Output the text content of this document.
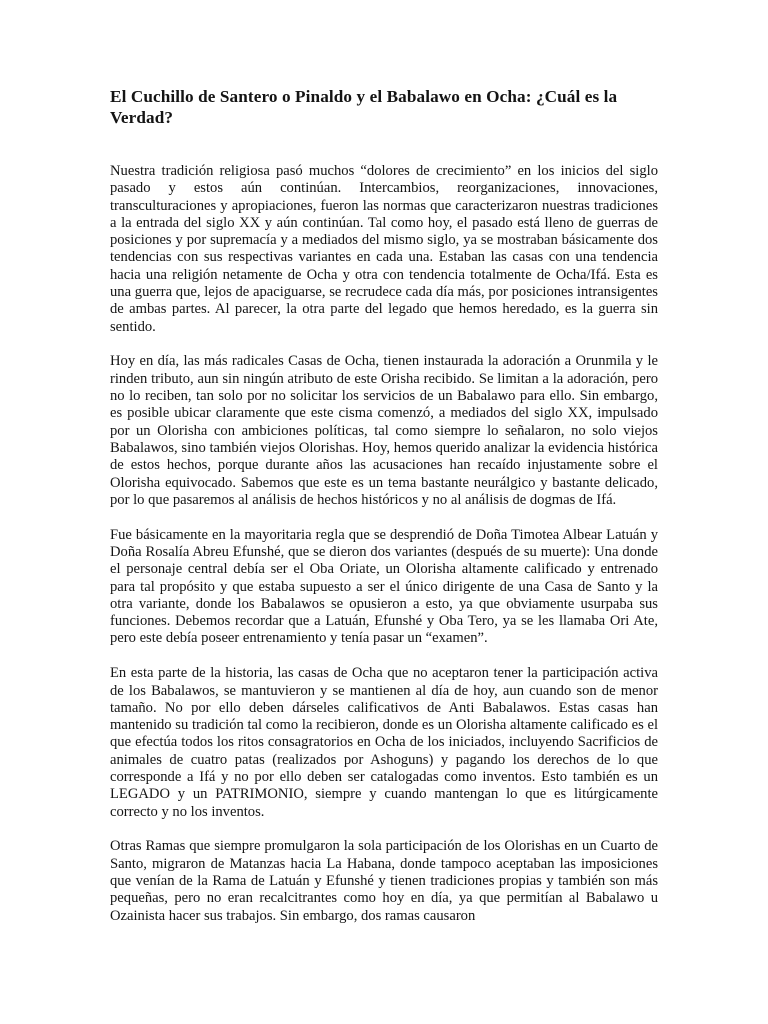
El Cuchillo de Santero o Pinaldo y el Babalawo en Ocha: ¿Cuál es la Verdad?

Nuestra tradición religiosa pasó muchos “dolores de crecimiento” en los inicios del siglo pasado y estos aún continúan. Intercambios, reorganizaciones, innovaciones, transculturaciones y apropiaciones, fueron las normas que caracterizaron nuestras tradiciones a la entrada del siglo XX y aún continúan. Tal como hoy, el pasado está lleno de guerras de posiciones y por supremacía y a mediados del mismo siglo, ya se mostraban básicamente dos tendencias con sus respectivas variantes en cada una. Estaban las casas con una tendencia hacia una religión netamente de Ocha y otra con tendencia totalmente de Ocha/Ifá. Esta es una guerra que, lejos de apaciguarse, se recrudece cada día más, por posiciones intransigentes de ambas partes. Al parecer, la otra parte del legado que hemos heredado, es la guerra sin sentido.

Hoy en día, las más radicales Casas de Ocha, tienen instaurada la adoración a Orunmila y le rinden tributo, aun sin ningún atributo de este Orisha recibido. Se limitan a la adoración, pero no lo reciben, tan solo por no solicitar los servicios de un Babalawo para ello. Sin embargo, es posible ubicar claramente que este cisma comenzó, a mediados del siglo XX, impulsado por un Olorisha con ambiciones políticas, tal como siempre lo señalaron, no solo viejos Babalawos, sino también viejos Olorishas. Hoy, hemos querido analizar la evidencia histórica de estos hechos, porque durante años las acusaciones han recaído injustamente sobre el Olorisha equivocado. Sabemos que este es un tema bastante neurálgico y bastante delicado, por lo que pasaremos al análisis de hechos históricos y no al análisis de dogmas de Ifá.

Fue básicamente en la mayoritaria regla que se desprendió de Doña Timotea Albear Latuán y Doña Rosalía Abreu Efunshé, que se dieron dos variantes (después de su muerte): Una donde el personaje central debía ser el Oba Oriate, un Olorisha altamente calificado y entrenado para tal propósito y que estaba supuesto a ser el único dirigente de una Casa de Santo y la otra variante, donde los Babalawos se opusieron a esto, ya que obviamente usurpaba sus funciones. Debemos recordar que a Latuán, Efunshé y Oba Tero, ya se les llamaba Ori Ate, pero este debía poseer entrenamiento y tenía pasar un “examen”.

En esta parte de la historia, las casas de Ocha que no aceptaron tener la participación activa de los Babalawos, se mantuvieron y se mantienen al día de hoy, aun cuando son de menor tamaño. No por ello deben dárseles calificativos de Anti Babalawos. Estas casas han mantenido su tradición tal como la recibieron, donde es un Olorisha altamente calificado es el que efectúa todos los ritos consagratorios en Ocha de los iniciados, incluyendo Sacrificios de animales de cuatro patas (realizados por Ashoguns) y pagando los derechos de lo que corresponde a Ifá y no por ello deben ser catalogadas como inventos. Esto también es un LEGADO y un PATRIMONIO, siempre y cuando mantengan lo que es litúrgicamente correcto y no los inventos.

Otras Ramas que siempre promulgaron la sola participación de los Olorishas en un Cuarto de Santo, migraron de Matanzas hacia La Habana, donde tampoco aceptaban las imposiciones que venían de la Rama de Latuán y Efunshé y tienen tradiciones propias y también son más pequeñas, pero no eran recalcitrantes como hoy en día, ya que permitían al Babalawo u Ozainista hacer sus trabajos. Sin embargo, dos ramas causaron
